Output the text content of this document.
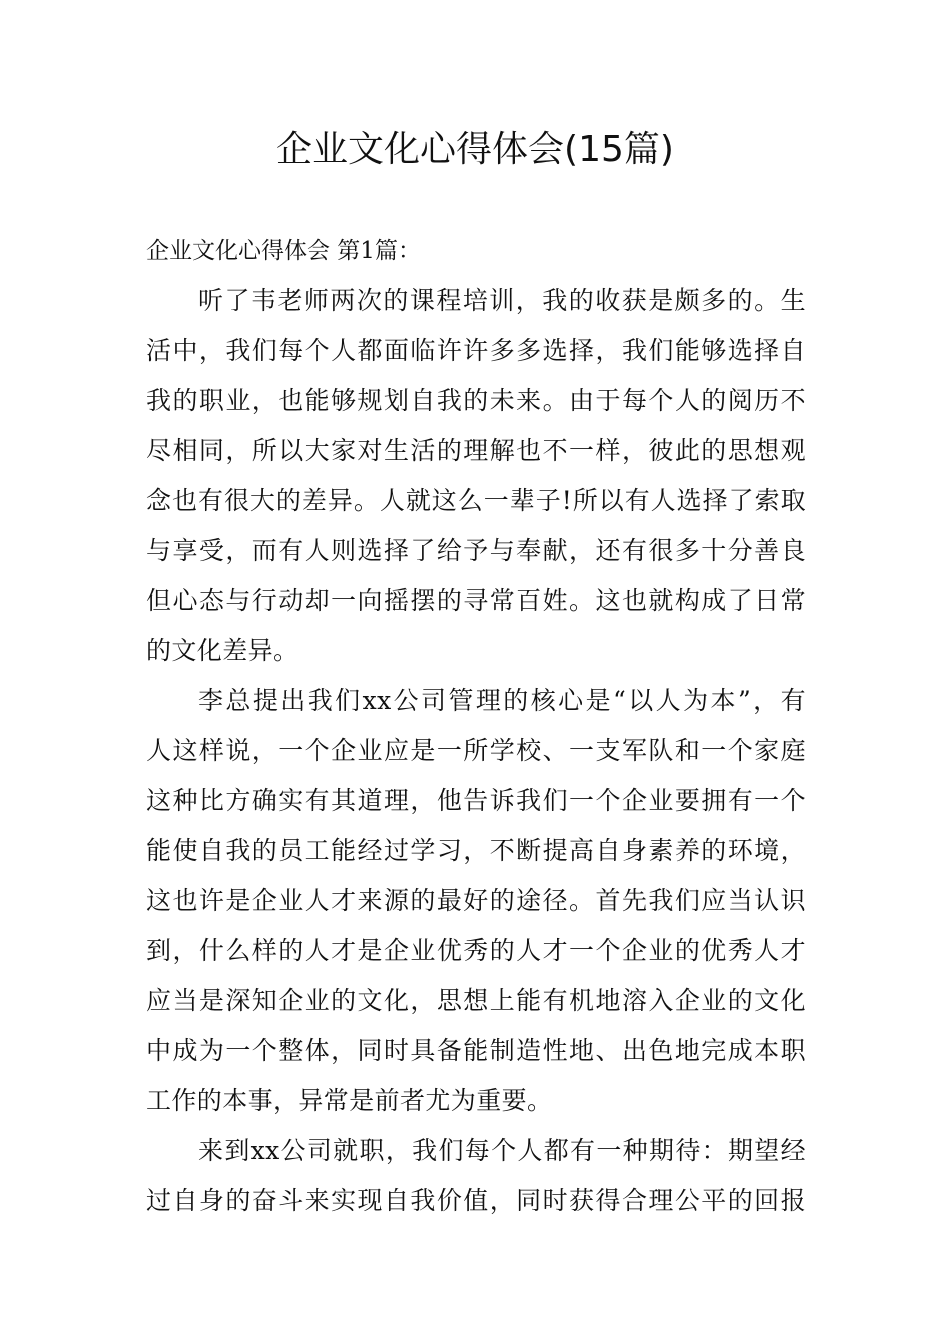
企业文化心得体会(15篇)
企业文化心得体会 第1篇：
听了韦老师两次的课程培训，我的收获是颇多的。生
活中，我们每个人都面临许许多多选择，我们能够选择自
我的职业，也能够规划自我的未来。由于每个人的阅历不
尽相同，所以大家对生活的理解也不一样，彼此的思想观
念也有很大的差异。人就这么一辈子!所以有人选择了索取
与享受，而有人则选择了给予与奉献，还有很多十分善良
但心态与行动却一向摇摆的寻常百姓。这也就构成了日常
的文化差异。
李总提出我们xx公司管理的核心是“以人为本”，有
人这样说，一个企业应是一所学校、一支军队和一个家庭
这种比方确实有其道理，他告诉我们一个企业要拥有一个
能使自我的员工能经过学习，不断提高自身素养的环境，
这也许是企业人才来源的最好的途径。首先我们应当认识
到，什么样的人才是企业优秀的人才一个企业的优秀人才
应当是深知企业的文化，思想上能有机地溶入企业的文化
中成为一个整体，同时具备能制造性地、出色地完成本职
工作的本事，异常是前者尤为重要。
来到xx公司就职，我们每个人都有一种期待：期望经
过自身的奋斗来实现自我价值，同时获得合理公平的回报
